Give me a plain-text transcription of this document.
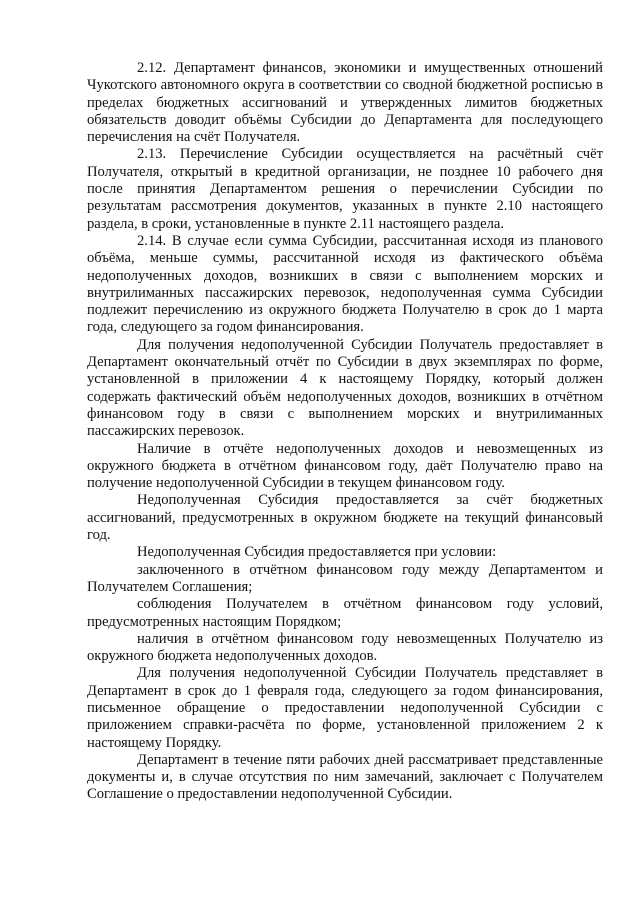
2.12. Департамент финансов, экономики и имущественных отношений Чукотского автономного округа в соответствии со сводной бюджетной росписью в пределах бюджетных ассигнований и утвержденных лимитов бюджетных обязательств доводит объёмы Субсидии до Департамента для последующего перечисления на счёт Получателя.

2.13. Перечисление Субсидии осуществляется на расчётный счёт Получателя, открытый в кредитной организации, не позднее 10 рабочего дня после принятия Департаментом решения о перечислении Субсидии по результатам рассмотрения документов, указанных в пункте 2.10 настоящего раздела, в сроки, установленные в пункте 2.11 настоящего раздела.

2.14. В случае если сумма Субсидии, рассчитанная исходя из планового объёма, меньше суммы, рассчитанной исходя из фактического объёма недополученных доходов, возникших в связи с выполнением морских и внутрилиманных пассажирских перевозок, недополученная сумма Субсидии подлежит перечислению из окружного бюджета Получателю в срок до 1 марта года, следующего за годом финансирования.

Для получения недополученной Субсидии Получатель предоставляет в Департамент окончательный отчёт по Субсидии в двух экземплярах по форме, установленной в приложении 4 к настоящему Порядку, который должен содержать фактический объём недополученных доходов, возникших в отчётном финансовом году в связи с выполнением морских и внутрилиманных пассажирских перевозок.

Наличие в отчёте недополученных доходов и невозмещенных из окружного бюджета в отчётном финансовом году, даёт Получателю право на получение недополученной Субсидии в текущем финансовом году.

Недополученная Субсидия предоставляется за счёт бюджетных ассигнований, предусмотренных в окружном бюджете на текущий финансовый год.

Недополученная Субсидия предоставляется при условии:

заключенного в отчётном финансовом году между Департаментом и Получателем Соглашения;

соблюдения Получателем в отчётном финансовом году условий, предусмотренных настоящим Порядком;

наличия в отчётном финансовом году невозмещенных Получателю из окружного бюджета недополученных доходов.

Для получения недополученной Субсидии Получатель представляет в Департамент в срок до 1 февраля года, следующего за годом финансирования, письменное обращение о предоставлении недополученной Субсидии с приложением справки-расчёта по форме, установленной приложением 2 к настоящему Порядку.

Департамент в течение пяти рабочих дней рассматривает представленные документы и, в случае отсутствия по ним замечаний, заключает с Получателем Соглашение о предоставлении недополученной Субсидии.
